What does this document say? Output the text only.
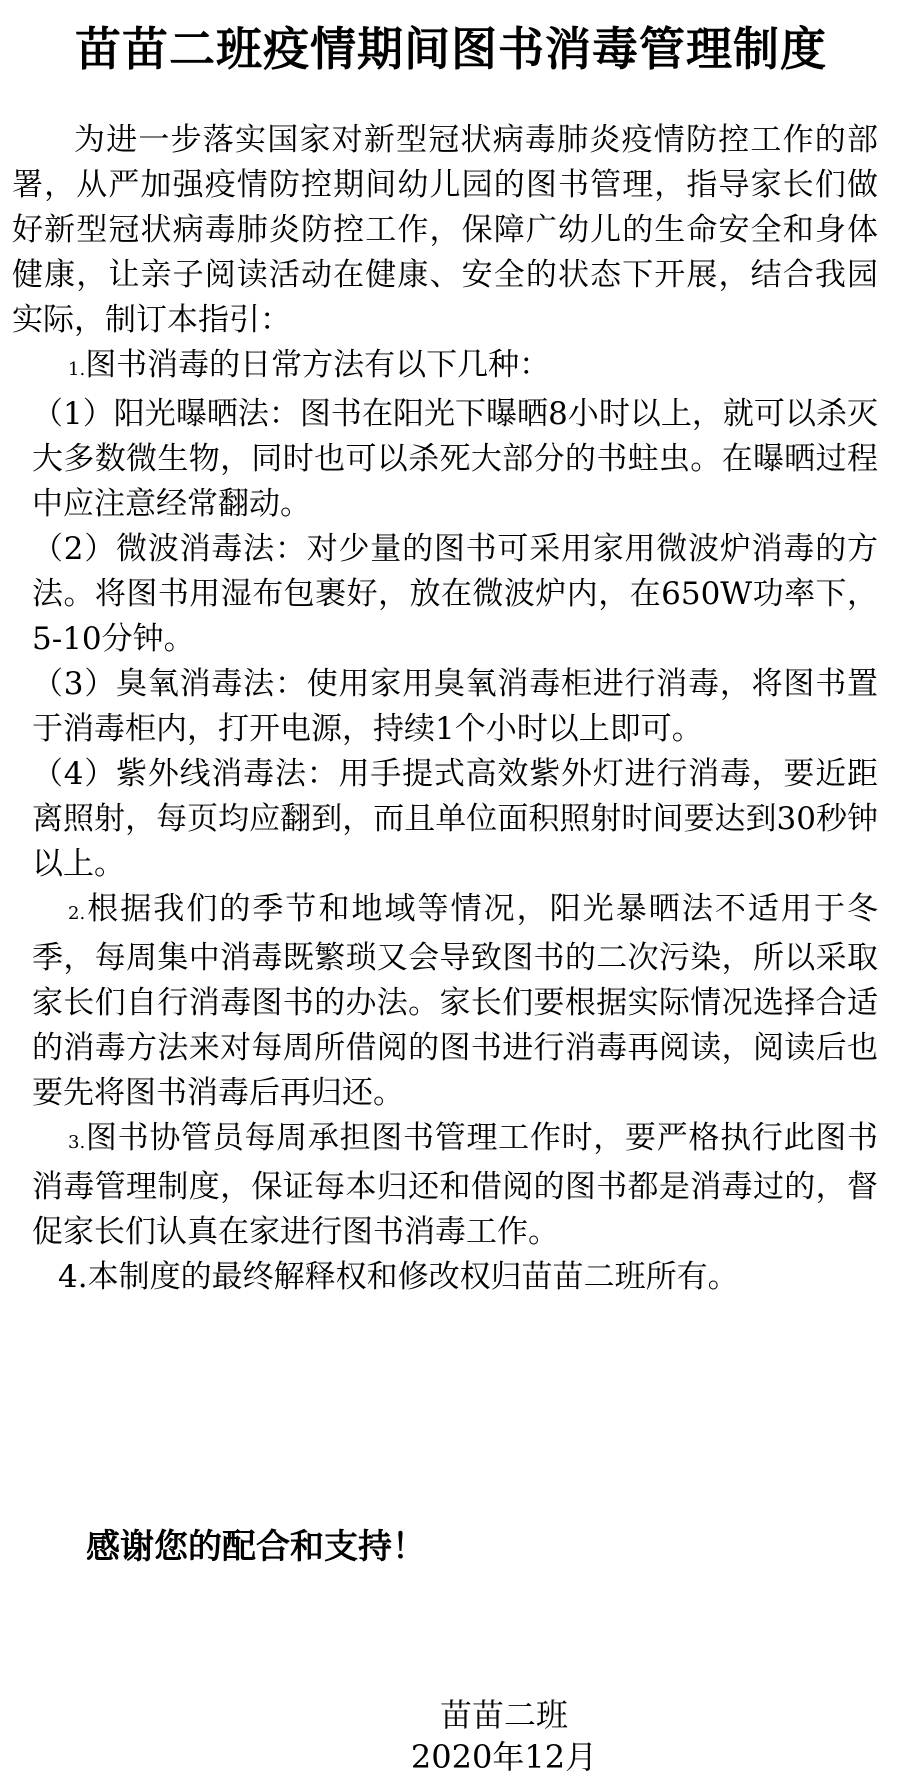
苗苗二班疫情期间图书消毒管理制度

为进一步落实国家对新型冠状病毒肺炎疫情防控工作的部署，从严加强疫情防控期间幼儿园的图书管理，指导家长们做好新型冠状病毒肺炎防控工作，保障广幼儿的生命安全和身体健康，让亲子阅读活动在健康、安全的状态下开展，结合我园实际，制订本指引：

1.图书消毒的日常方法有以下几种：

（1）阳光曝晒法：图书在阳光下曝晒8小时以上，就可以杀灭大多数微生物，同时也可以杀死大部分的书蛀虫。在曝晒过程中应注意经常翻动。

（2）微波消毒法：对少量的图书可采用家用微波炉消毒的方法。将图书用湿布包裹好，放在微波炉内，在650W功率下，5-10分钟。

（3）臭氧消毒法：使用家用臭氧消毒柜进行消毒，将图书置于消毒柜内，打开电源，持续1个小时以上即可。

（4）紫外线消毒法：用手提式高效紫外灯进行消毒，要近距离照射，每页均应翻到，而且单位面积照射时间要达到30秒钟以上。

2.根据我们的季节和地域等情况，阳光暴晒法不适用于冬季，每周集中消毒既繁琐又会导致图书的二次污染，所以采取家长们自行消毒图书的办法。家长们要根据实际情况选择合适的消毒方法来对每周所借阅的图书进行消毒再阅读，阅读后也要先将图书消毒后再归还。

3.图书协管员每周承担图书管理工作时，要严格执行此图书消毒管理制度，保证每本归还和借阅的图书都是消毒过的，督促家长们认真在家进行图书消毒工作。

4.本制度的最终解释权和修改权归苗苗二班所有。

感谢您的配合和支持！
苗苗二班
2020年12月
